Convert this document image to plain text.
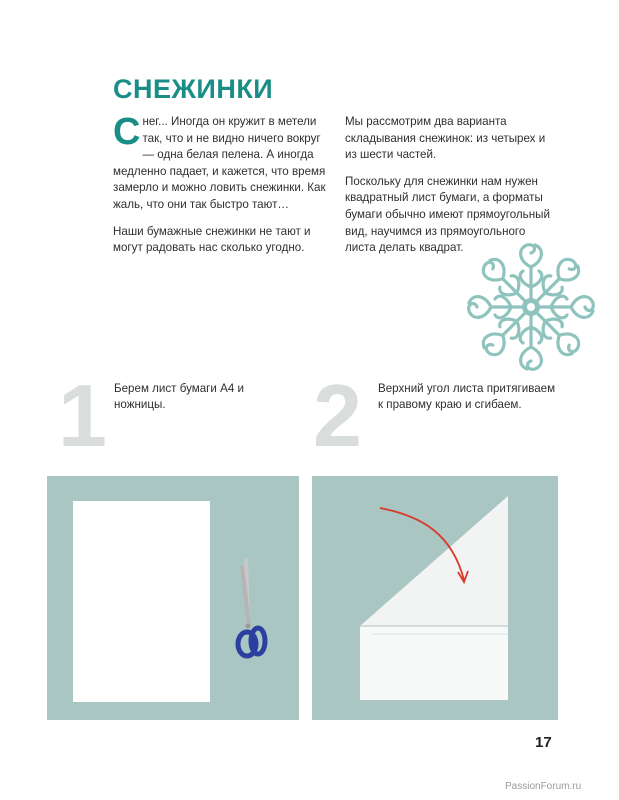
СНЕЖИНКИ

Снег... Иногда он кружит в метели так, что и не видно ничего вокруг — одна белая пелена. А иногда медленно падает, и кажется, что время замерло и можно ловить снежинки. Как жаль, что они так быстро тают…

Наши бумажные снежинки не тают и могут радовать нас сколько угодно.

Мы рассмотрим два варианта складывания снежинок: из четырех и из шести частей.

Поскольку для снежинки нам нужен квадратный лист бумаги, а форматы бумаги обычно имеют прямоугольный вид, научимся из прямоугольного листа делать квадрат.

1 Берем лист бумаги А4 и ножницы.	2 Верхний угол листа притягиваем к правому краю и сгибаем.
17
PassionForum.ru
